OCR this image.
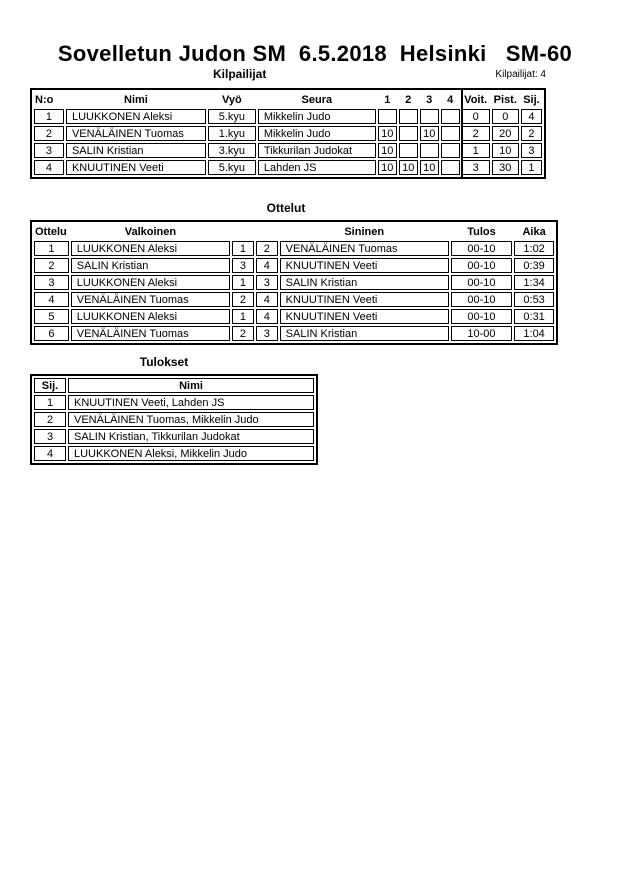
Sovelletun Judon SM  6.5.2018  Helsinki   SM-60
Kilpailijat	Kilpailijat: 4
N:o	Nimi	Vyö	Seura	1	2	3	4	Voit.	Pist.	Sij.
1	LUUKKONEN Aleksi	5.kyu	Mikkelin Judo					0	0	4
2	VENÄLÄINEN Tuomas	1.kyu	Mikkelin Judo	10		10		2	20	2
3	SALIN Kristian	3.kyu	Tikkurilan Judokat	10				1	10	3
4	KNUUTINEN Veeti	5.kyu	Lahden JS	10	10	10		3	30	1
Ottelut
Ottelu	Valkoinen			Sininen	Tulos	Aika
1	LUUKKONEN Aleksi	1	2	VENÄLÄINEN Tuomas	00-10	1:02
2	SALIN Kristian	3	4	KNUUTINEN Veeti	00-10	0:39
3	LUUKKONEN Aleksi	1	3	SALIN Kristian	00-10	1:34
4	VENÄLÄINEN Tuomas	2	4	KNUUTINEN Veeti	00-10	0:53
5	LUUKKONEN Aleksi	1	4	KNUUTINEN Veeti	00-10	0:31
6	VENÄLÄINEN Tuomas	2	3	SALIN Kristian	10-00	1:04
Tulokset
Sij.	Nimi
1	KNUUTINEN Veeti, Lahden JS
2	VENÄLÄINEN Tuomas, Mikkelin Judo
3	SALIN Kristian, Tikkurilan Judokat
4	LUUKKONEN Aleksi, Mikkelin Judo
